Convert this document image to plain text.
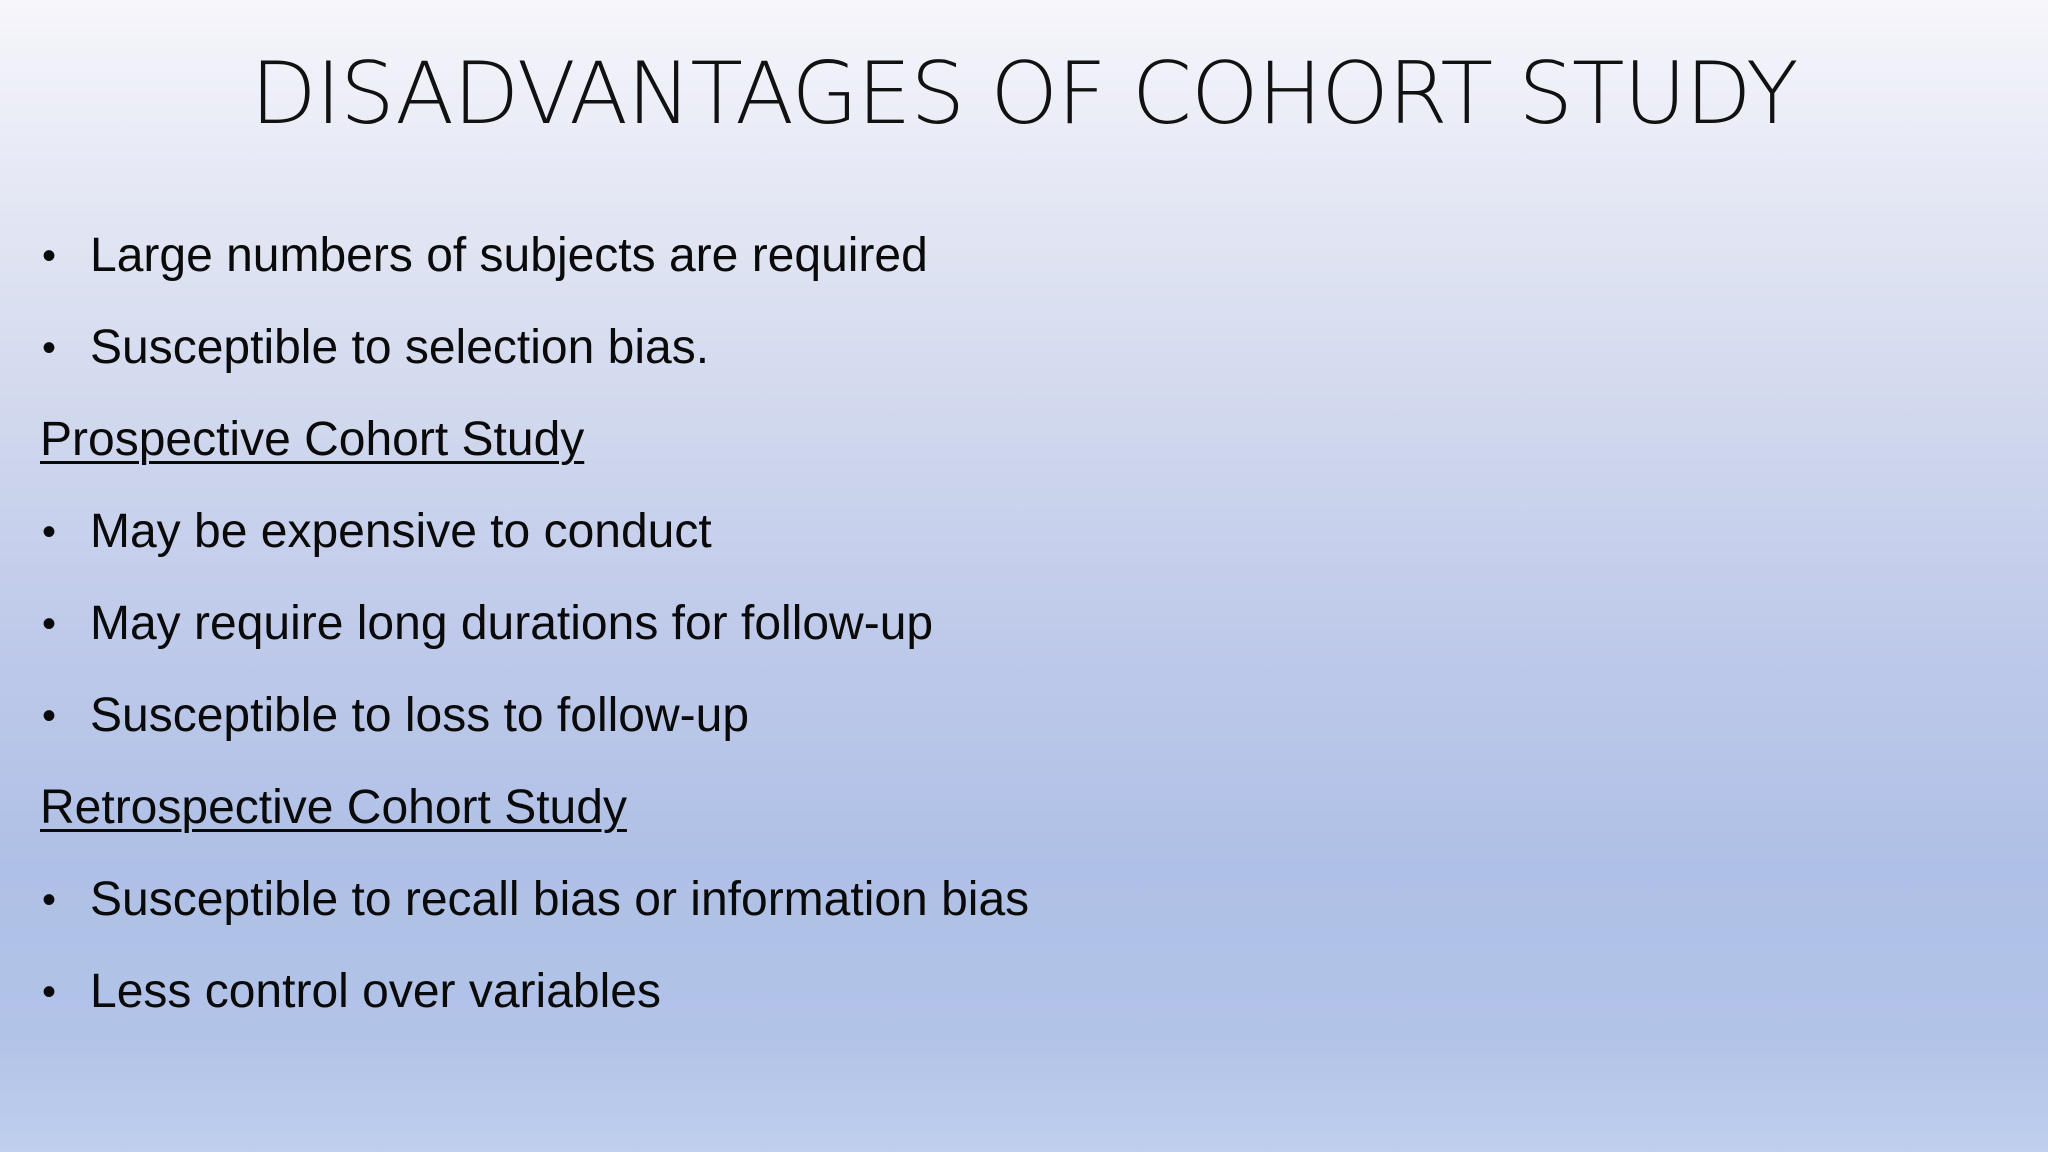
DISADVANTAGES OF COHORT STUDY
• Large numbers of subjects are required
• Susceptible to selection bias.
Prospective Cohort Study
• May be expensive to conduct
• May require long durations for follow-up
• Susceptible to loss to follow-up
Retrospective Cohort Study
• Susceptible to recall bias or information bias
• Less control over variables
